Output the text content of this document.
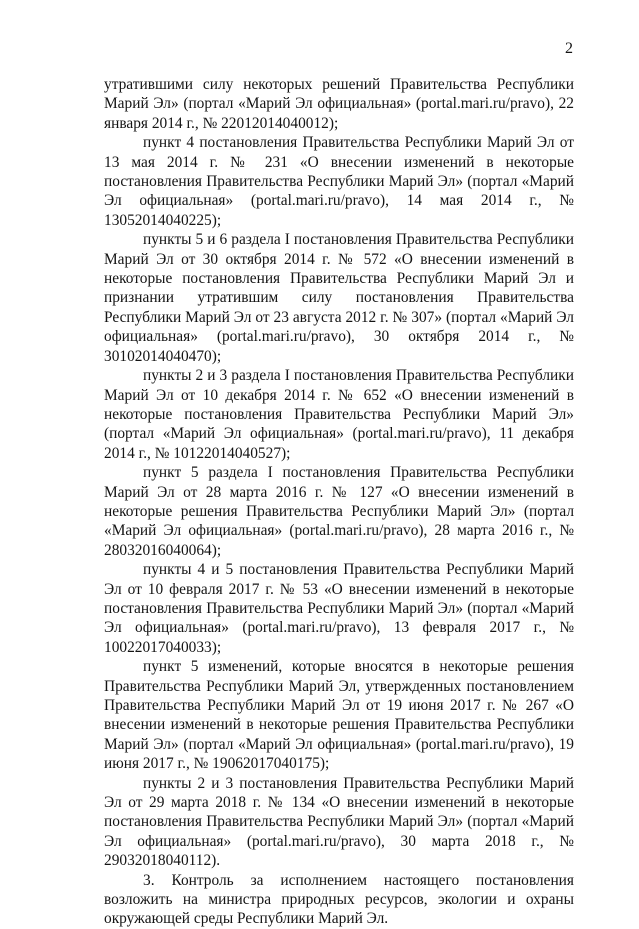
2

утратившими силу некоторых решений Правительства Республики Марий Эл» (портал «Марий Эл официальная» (portal.mari.ru/pravo), 22 января 2014 г., № 22012014040012);

пункт 4 постановления Правительства Республики Марий Эл от 13 мая 2014 г. № 231 «О внесении изменений в некоторые постановления Правительства Республики Марий Эл» (портал «Марий Эл официальная» (portal.mari.ru/pravo), 14 мая 2014 г., № 13052014040225);

пункты 5 и 6 раздела I постановления Правительства Республики Марий Эл от 30 октября 2014 г. № 572 «О внесении изменений в некоторые постановления Правительства Республики Марий Эл и признании утратившим силу постановления Правительства Республики Марий Эл от 23 августа 2012 г. № 307» (портал «Марий Эл официальная» (portal.mari.ru/pravo), 30 октября 2014 г., № 30102014040470);

пункты 2 и 3 раздела I постановления Правительства Республики Марий Эл от 10 декабря 2014 г. № 652 «О внесении изменений в некоторые постановления Правительства Республики Марий Эл» (портал «Марий Эл официальная» (portal.mari.ru/pravo), 11 декабря 2014 г., № 10122014040527);

пункт 5 раздела I постановления Правительства Республики Марий Эл от 28 марта 2016 г. № 127 «О внесении изменений в некоторые решения Правительства Республики Марий Эл» (портал «Марий Эл официальная» (portal.mari.ru/pravo), 28 марта 2016 г., № 28032016040064);

пункты 4 и 5 постановления Правительства Республики Марий Эл от 10 февраля 2017 г. № 53 «О внесении изменений в некоторые постановления Правительства Республики Марий Эл» (портал «Марий Эл официальная» (portal.mari.ru/pravo), 13 февраля 2017 г., № 10022017040033);

пункт 5 изменений, которые вносятся в некоторые решения Правительства Республики Марий Эл, утвержденных постановлением Правительства Республики Марий Эл от 19 июня 2017 г. № 267 «О внесении изменений в некоторые решения Правительства Республики Марий Эл» (портал «Марий Эл официальная» (portal.mari.ru/pravo), 19 июня 2017 г., № 19062017040175);

пункты 2 и 3 постановления Правительства Республики Марий Эл от 29 марта 2018 г. № 134 «О внесении изменений в некоторые постановления Правительства Республики Марий Эл» (портал «Марий Эл официальная» (portal.mari.ru/pravo), 30 марта 2018 г., № 29032018040112).

3. Контроль за исполнением настоящего постановления возложить на министра природных ресурсов, экологии и охраны окружающей среды Республики Марий Эл.
